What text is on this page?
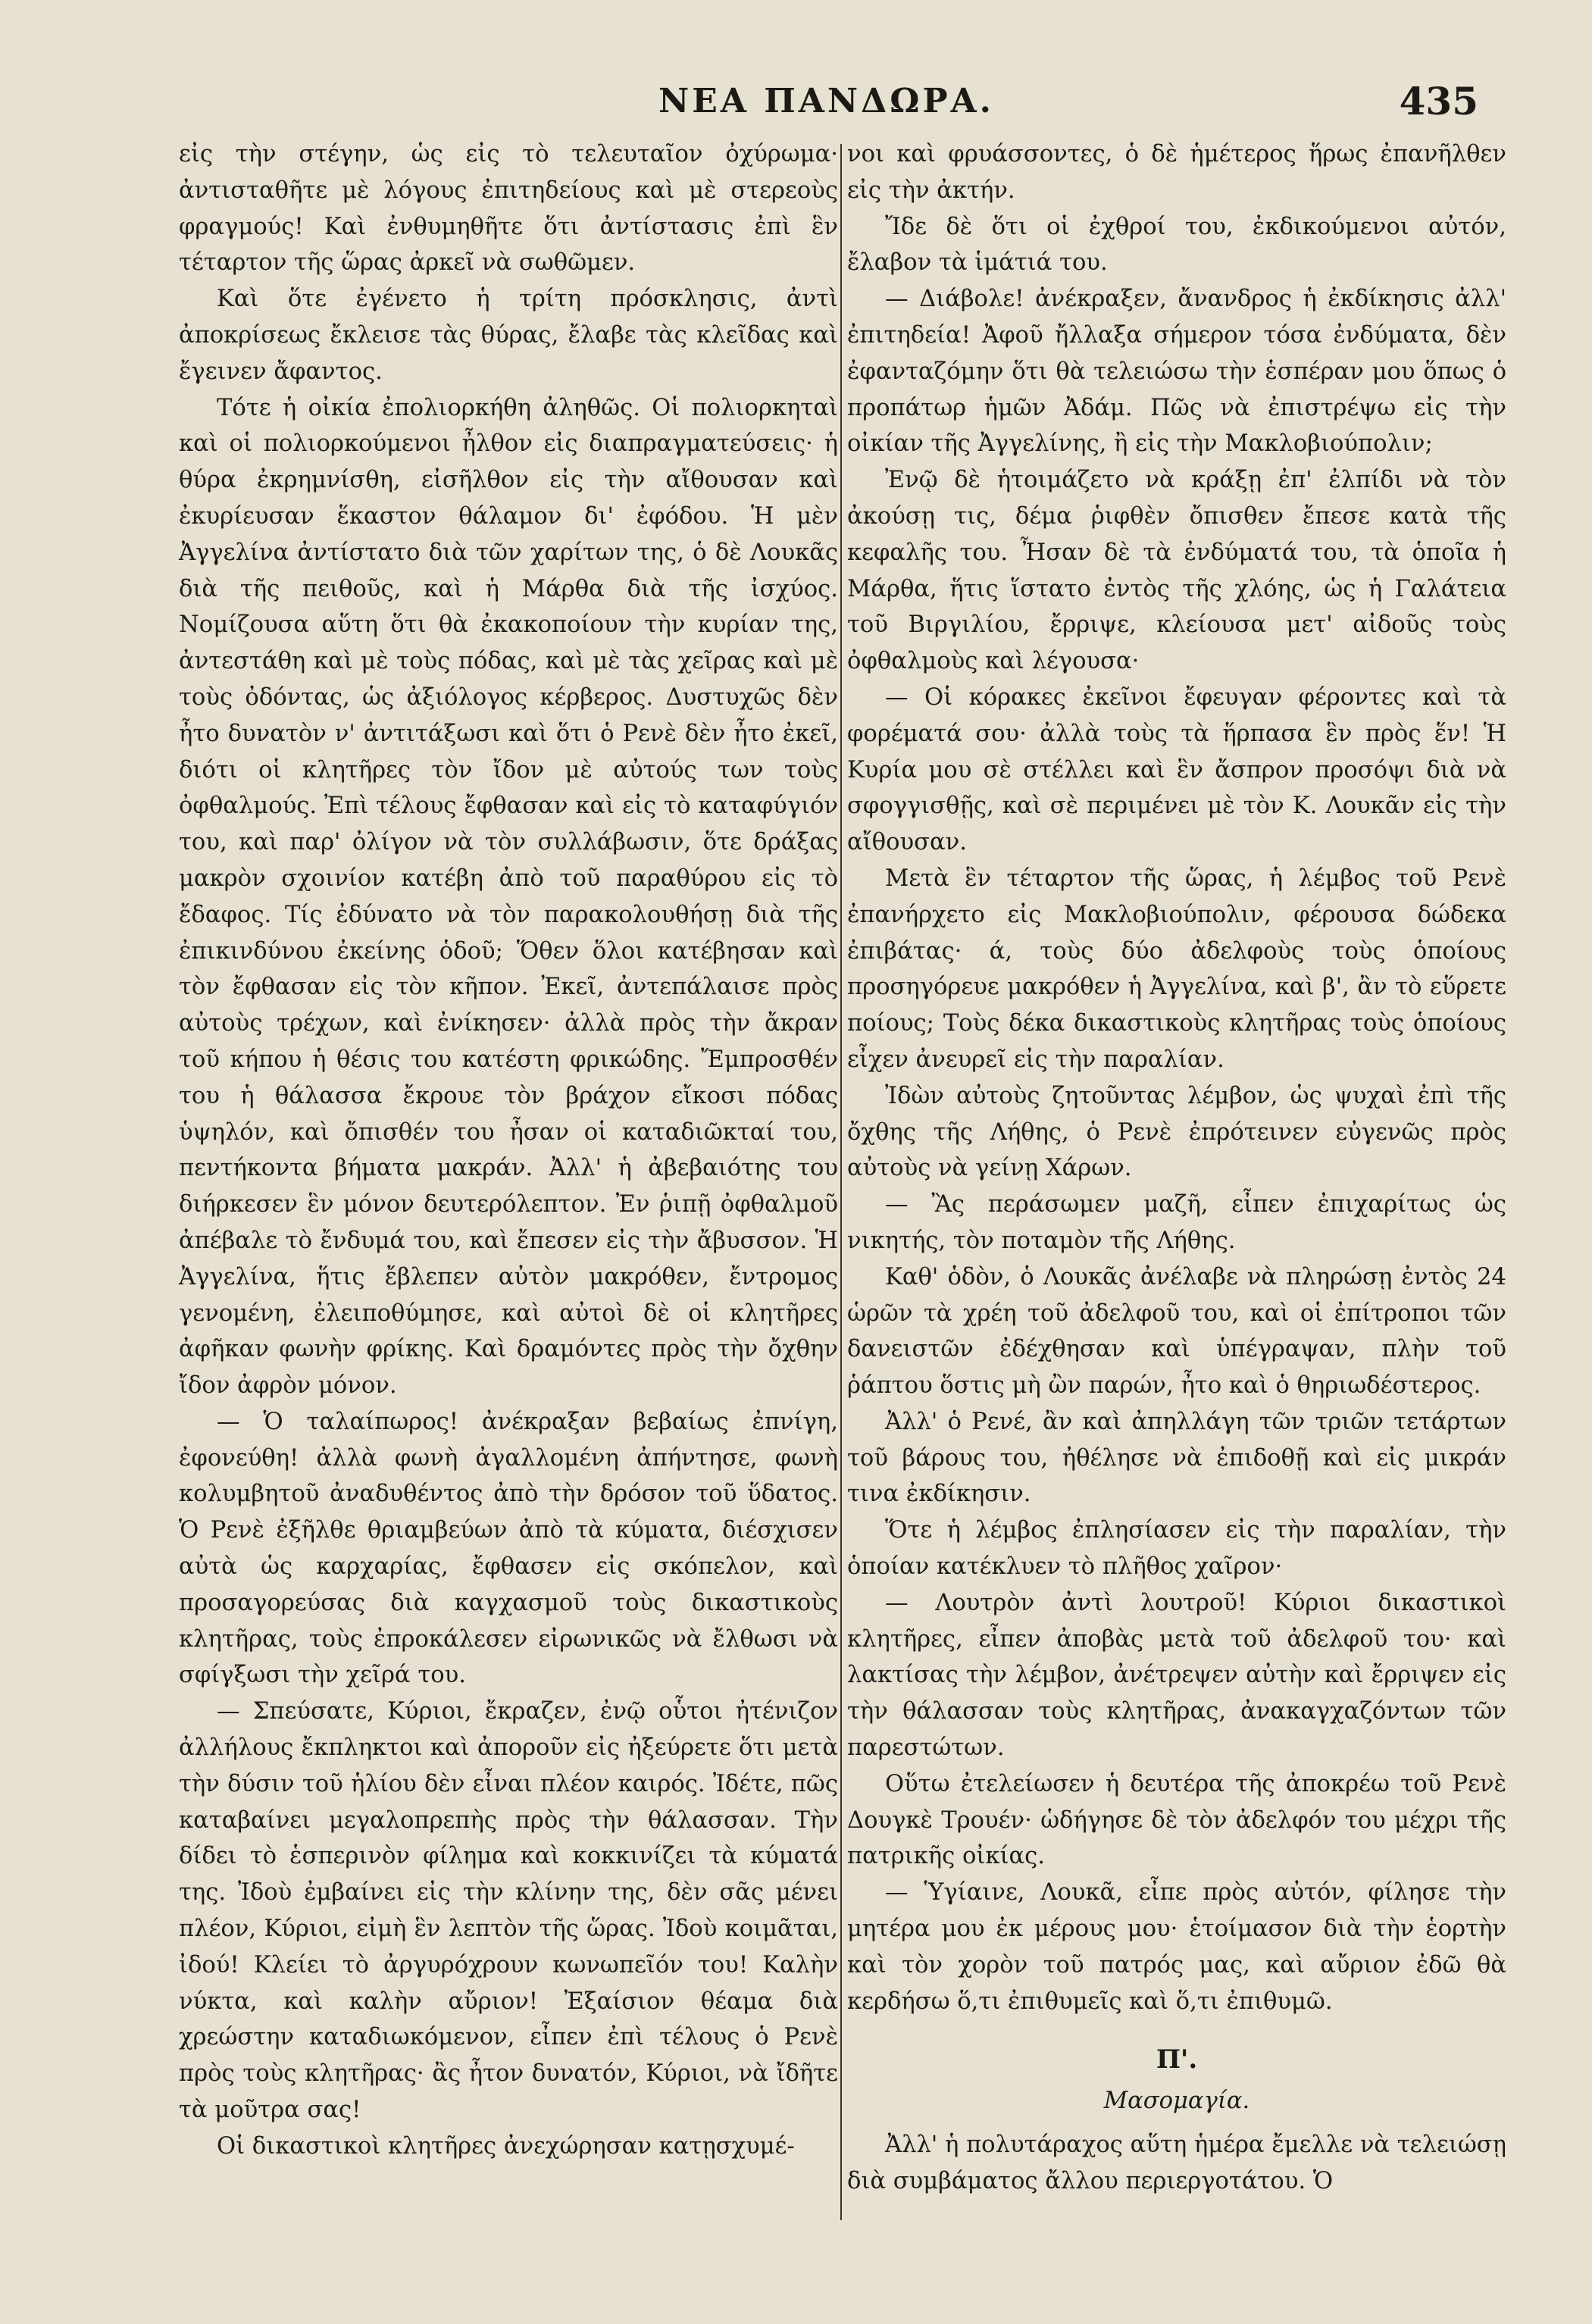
ΝΕΑ ΠΑΝΔΩΡΑ.	435

εἰς τὴν στέγην, ὡς εἰς τὸ τελευταῖον ὀχύρωμα· ἀντισταθῆτε μὲ λόγους ἐπιτηδείους καὶ μὲ στερεοὺς φραγμούς! Καὶ ἐνθυμηθῆτε ὅτι ἀντίστασις ἐπὶ ἓν τέταρτον τῆς ὥρας ἀρκεῖ νὰ σωθῶμεν.

Καὶ ὅτε ἐγένετο ἡ τρίτη πρόσκλησις, ἀντὶ ἀποκρίσεως ἔκλεισε τὰς θύρας, ἔλαβε τὰς κλεῖδας καὶ ἔγεινεν ἄφαντος.

Τότε ἡ οἰκία ἐπολιορκήθη ἀληθῶς. Οἱ πολιορκηταὶ καὶ οἱ πολιορκούμενοι ἦλθον εἰς διαπραγματεύσεις· ἡ θύρα ἐκρημνίσθη, εἰσῆλθον εἰς τὴν αἴθουσαν καὶ ἐκυρίευσαν ἕκαστον θάλαμον δι' ἐφόδου. Ἡ μὲν Ἀγγελίνα ἀντίστατο διὰ τῶν χαρίτων της, ὁ δὲ Λουκᾶς διὰ τῆς πειθοῦς, καὶ ἡ Μάρθα διὰ τῆς ἰσχύος. Νομίζουσα αὕτη ὅτι θὰ ἐκακοποίουν τὴν κυρίαν της, ἀντεστάθη καὶ μὲ τοὺς πόδας, καὶ μὲ τὰς χεῖρας καὶ μὲ τοὺς ὀδόντας, ὡς ἀξιόλογος κέρβερος. Δυστυχῶς δὲν ἦτο δυνατὸν ν' ἀντιτάξωσι καὶ ὅτι ὁ Ρενὲ δὲν ἦτο ἐκεῖ, διότι οἱ κλητῆρες τὸν ἴδον μὲ αὐτούς των τοὺς ὀφθαλμούς. Ἐπὶ τέλους ἔφθασαν καὶ εἰς τὸ καταφύγιόν του, καὶ παρ' ὀλίγον νὰ τὸν συλλάβωσιν, ὅτε δράξας μακρὸν σχοινίον κατέβη ἀπὸ τοῦ παραθύρου εἰς τὸ ἔδαφος. Τίς ἐδύνατο νὰ τὸν παρακολουθήσῃ διὰ τῆς ἐπικινδύνου ἐκείνης ὁδοῦ; Ὅθεν ὅλοι κατέβησαν καὶ τὸν ἔφθασαν εἰς τὸν κῆπον. Ἐκεῖ, ἀντεπάλαισε πρὸς αὐτοὺς τρέχων, καὶ ἐνίκησεν· ἀλλὰ πρὸς τὴν ἄκραν τοῦ κήπου ἡ θέσις του κατέστη φρικώδης. Ἔμπροσθέν του ἡ θάλασσα ἔκρουε τὸν βράχον εἴκοσι πόδας ὑψηλόν, καὶ ὄπισθέν του ἦσαν οἱ καταδιῶκταί του, πεντήκοντα βήματα μακράν. Ἀλλ' ἡ ἀβεβαιότης του διήρκεσεν ἓν μόνον δευτερόλεπτον. Ἐν ῥιπῇ ὀφθαλμοῦ ἀπέβαλε τὸ ἔνδυμά του, καὶ ἔπεσεν εἰς τὴν ἄβυσσον. Ἡ Ἀγγελίνα, ἥτις ἔβλεπεν αὐτὸν μακρόθεν, ἔντρομος γενομένη, ἐλειποθύμησε, καὶ αὐτοὶ δὲ οἱ κλητῆρες ἀφῆκαν φωνὴν φρίκης. Καὶ δραμόντες πρὸς τὴν ὄχθην ἴδον ἀφρὸν μόνον.

— Ὁ ταλαίπωρος! ἀνέκραξαν βεβαίως ἐπνίγη, ἐφονεύθη! ἀλλὰ φωνὴ ἀγαλλομένη ἀπήντησε, φωνὴ κολυμβητοῦ ἀναδυθέντος ἀπὸ τὴν δρόσον τοῦ ὕδατος. Ὁ Ρενὲ ἐξῆλθε θριαμβεύων ἀπὸ τὰ κύματα, διέσχισεν αὐτὰ ὡς καρχαρίας, ἔφθασεν εἰς σκόπελον, καὶ προσαγορεύσας διὰ καγχασμοῦ τοὺς δικαστικοὺς κλητῆρας, τοὺς ἐπροκάλεσεν εἰρωνικῶς νὰ ἔλθωσι νὰ σφίγξωσι τὴν χεῖρά του.

— Σπεύσατε, Κύριοι, ἔκραζεν, ἐνῷ οὗτοι ἠτένιζον ἀλλήλους ἔκπληκτοι καὶ ἀποροῦν εἰς ἠξεύρετε ὅτι μετὰ τὴν δύσιν τοῦ ἡλίου δὲν εἶναι πλέον καιρός. Ἰδέτε, πῶς καταβαίνει μεγαλοπρεπὴς πρὸς τὴν θάλασσαν. Τὴν δίδει τὸ ἑσπερινὸν φίλημα καὶ κοκκινίζει τὰ κύματά της. Ἰδοὺ ἐμβαίνει εἰς τὴν κλίνην της, δὲν σᾶς μένει πλέον, Κύριοι, εἰμὴ ἓν λεπτὸν τῆς ὥρας. Ἰδοὺ κοιμᾶται, ἰδού! Κλείει τὸ ἀργυρόχρουν κωνωπεῖόν του! Καλὴν νύκτα, καὶ καλὴν αὔριον! Ἐξαίσιον θέαμα διὰ χρεώστην καταδιωκόμενον, εἶπεν ἐπὶ τέλους ὁ Ρενὲ πρὸς τοὺς κλητῆρας· ἂς ἦτον δυνατόν, Κύριοι, νὰ ἴδῆτε τὰ μοῦτρα σας!

Οἱ δικαστικοὶ κλητῆρες ἀνεχώρησαν κατῃσχυμέ-

νοι καὶ φρυάσσοντες, ὁ δὲ ἡμέτερος ἥρως ἐπανῆλθεν εἰς τὴν ἀκτήν.

Ἴδε δὲ ὅτι οἱ ἐχθροί του, ἐκδικούμενοι αὐτόν, ἔλαβον τὰ ἱμάτιά του.

— Διάβολε! ἀνέκραξεν, ἄνανδρος ἡ ἐκδίκησις ἀλλ' ἐπιτηδεία! Ἀφοῦ ἤλλαξα σήμερον τόσα ἐνδύματα, δὲν ἐφανταζόμην ὅτι θὰ τελειώσω τὴν ἑσπέραν μου ὅπως ὁ προπάτωρ ἡμῶν Ἀδάμ. Πῶς νὰ ἐπιστρέψω εἰς τὴν οἰκίαν τῆς Ἀγγελίνης, ἢ εἰς τὴν Μακλοβιούπολιν;

Ἐνῷ δὲ ἡτοιμάζετο νὰ κράξῃ ἐπ' ἐλπίδι νὰ τὸν ἀκούσῃ τις, δέμα ῥιφθὲν ὄπισθεν ἔπεσε κατὰ τῆς κεφαλῆς του. Ἦσαν δὲ τὰ ἐνδύματά του, τὰ ὁποῖα ἡ Μάρθα, ἥτις ἵστατο ἐντὸς τῆς χλόης, ὡς ἡ Γαλάτεια τοῦ Βιργιλίου, ἔρριψε, κλείουσα μετ' αἰδοῦς τοὺς ὀφθαλμοὺς καὶ λέγουσα·

— Οἱ κόρακες ἐκεῖνοι ἔφευγαν φέροντες καὶ τὰ φορέματά σου· ἀλλὰ τοὺς τὰ ἥρπασα ἓν πρὸς ἕν! Ἡ Κυρία μου σὲ στέλλει καὶ ἓν ἄσπρον προσόψι διὰ νὰ σφογγισθῇς, καὶ σὲ περιμένει μὲ τὸν Κ. Λουκᾶν εἰς τὴν αἴθουσαν.

Μετὰ ἓν τέταρτον τῆς ὥρας, ἡ λέμβος τοῦ Ρενὲ ἐπανήρχετο εἰς Μακλοβιούπολιν, φέρουσα δώδεκα ἐπιβάτας· ά, τοὺς δύο ἀδελφοὺς τοὺς ὁποίους προσηγόρευε μακρόθεν ἡ Ἀγγελίνα, καὶ β', ἂν τὸ εὕρετε ποίους; Τοὺς δέκα δικαστικοὺς κλητῆρας τοὺς ὁποίους εἶχεν ἀνευρεῖ εἰς τὴν παραλίαν.

Ἰδὼν αὐτοὺς ζητοῦντας λέμβον, ὡς ψυχαὶ ἐπὶ τῆς ὄχθης τῆς Λήθης, ὁ Ρενὲ ἐπρότεινεν εὐγενῶς πρὸς αὐτοὺς νὰ γείνῃ Χάρων.

— Ἂς περάσωμεν μαζῆ, εἶπεν ἐπιχαρίτως ὡς νικητής, τὸν ποταμὸν τῆς Λήθης.

Καθ' ὁδὸν, ὁ Λουκᾶς ἀνέλαβε νὰ πληρώσῃ ἐντὸς 24 ὡρῶν τὰ χρέη τοῦ ἀδελφοῦ του, καὶ οἱ ἐπίτροποι τῶν δανειστῶν ἐδέχθησαν καὶ ὑπέγραψαν, πλὴν τοῦ ῥάπτου ὅστις μὴ ὢν παρών, ἦτο καὶ ὁ θηριωδέστερος.

Ἀλλ' ὁ Ρενέ, ἂν καὶ ἀπηλλάγη τῶν τριῶν τετάρτων τοῦ βάρους του, ἠθέλησε νὰ ἐπιδοθῇ καὶ εἰς μικράν τινα ἐκδίκησιν.

Ὅτε ἡ λέμβος ἐπλησίασεν εἰς τὴν παραλίαν, τὴν ὁποίαν κατέκλυεν τὸ πλῆθος χαῖρον·

— Λουτρὸν ἀντὶ λουτροῦ! Κύριοι δικαστικοὶ κλητῆρες, εἶπεν ἀποβὰς μετὰ τοῦ ἀδελφοῦ του· καὶ λακτίσας τὴν λέμβον, ἀνέτρεψεν αὐτὴν καὶ ἔρριψεν εἰς τὴν θάλασσαν τοὺς κλητῆρας, ἀνακαγχαζόντων τῶν παρεστώτων.

Οὕτω ἐτελείωσεν ἡ δευτέρα τῆς ἀποκρέω τοῦ Ρενὲ Δουγκὲ Τρουέν· ὡδήγησε δὲ τὸν ἀδελφόν του μέχρι τῆς πατρικῆς οἰκίας.

— Ὑγίαινε, Λουκᾶ, εἶπε πρὸς αὐτόν, φίλησε τὴν μητέρα μου ἐκ μέρους μου· ἑτοίμασον διὰ τὴν ἑορτὴν καὶ τὸν χορὸν τοῦ πατρός μας, καὶ αὔριον ἐδῶ θὰ κερδήσω ὅ,τι ἐπιθυμεῖς καὶ ὅ,τι ἐπιθυμῶ.

Π'.
Μασομαγία.

Ἀλλ' ἡ πολυτάραχος αὕτη ἡμέρα ἔμελλε νὰ τελειώσῃ διὰ συμβάματος ἄλλου περιεργοτάτου. Ὁ
